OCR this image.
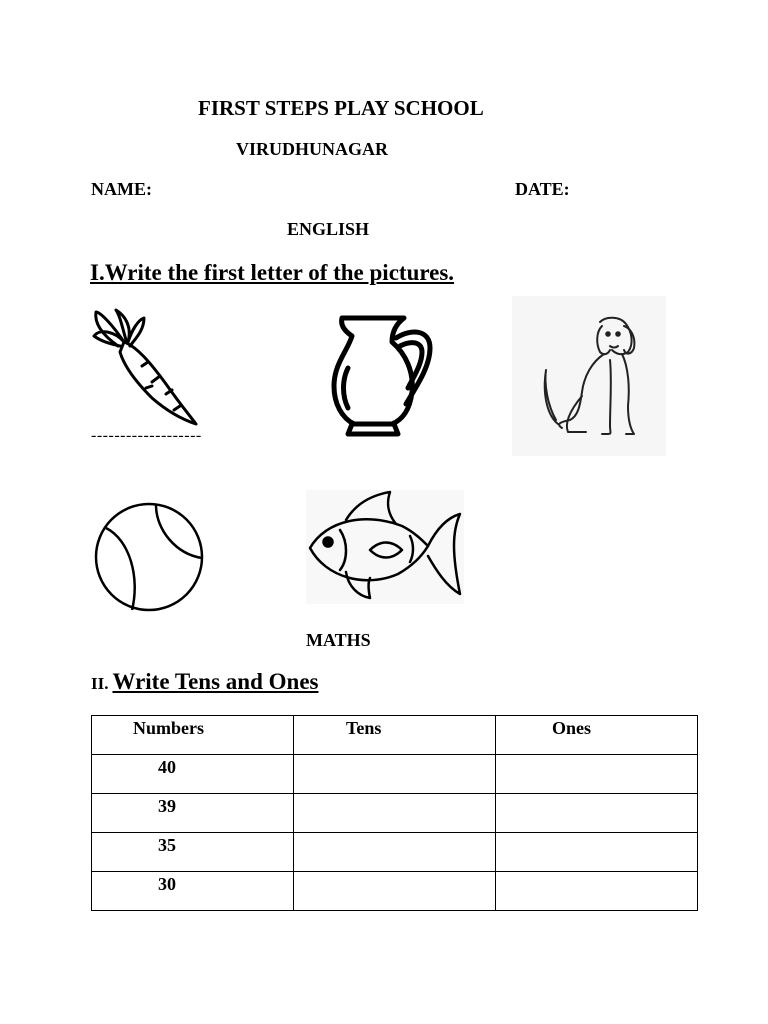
FIRST STEPS PLAY SCHOOL
VIRUDHUNAGAR
NAME:	DATE:
ENGLISH
I.Write the first letter of the pictures.
-------------------
MATHS
II. Write Tens and Ones
Numbers	Tens	Ones
40		
39		
35		
30		
